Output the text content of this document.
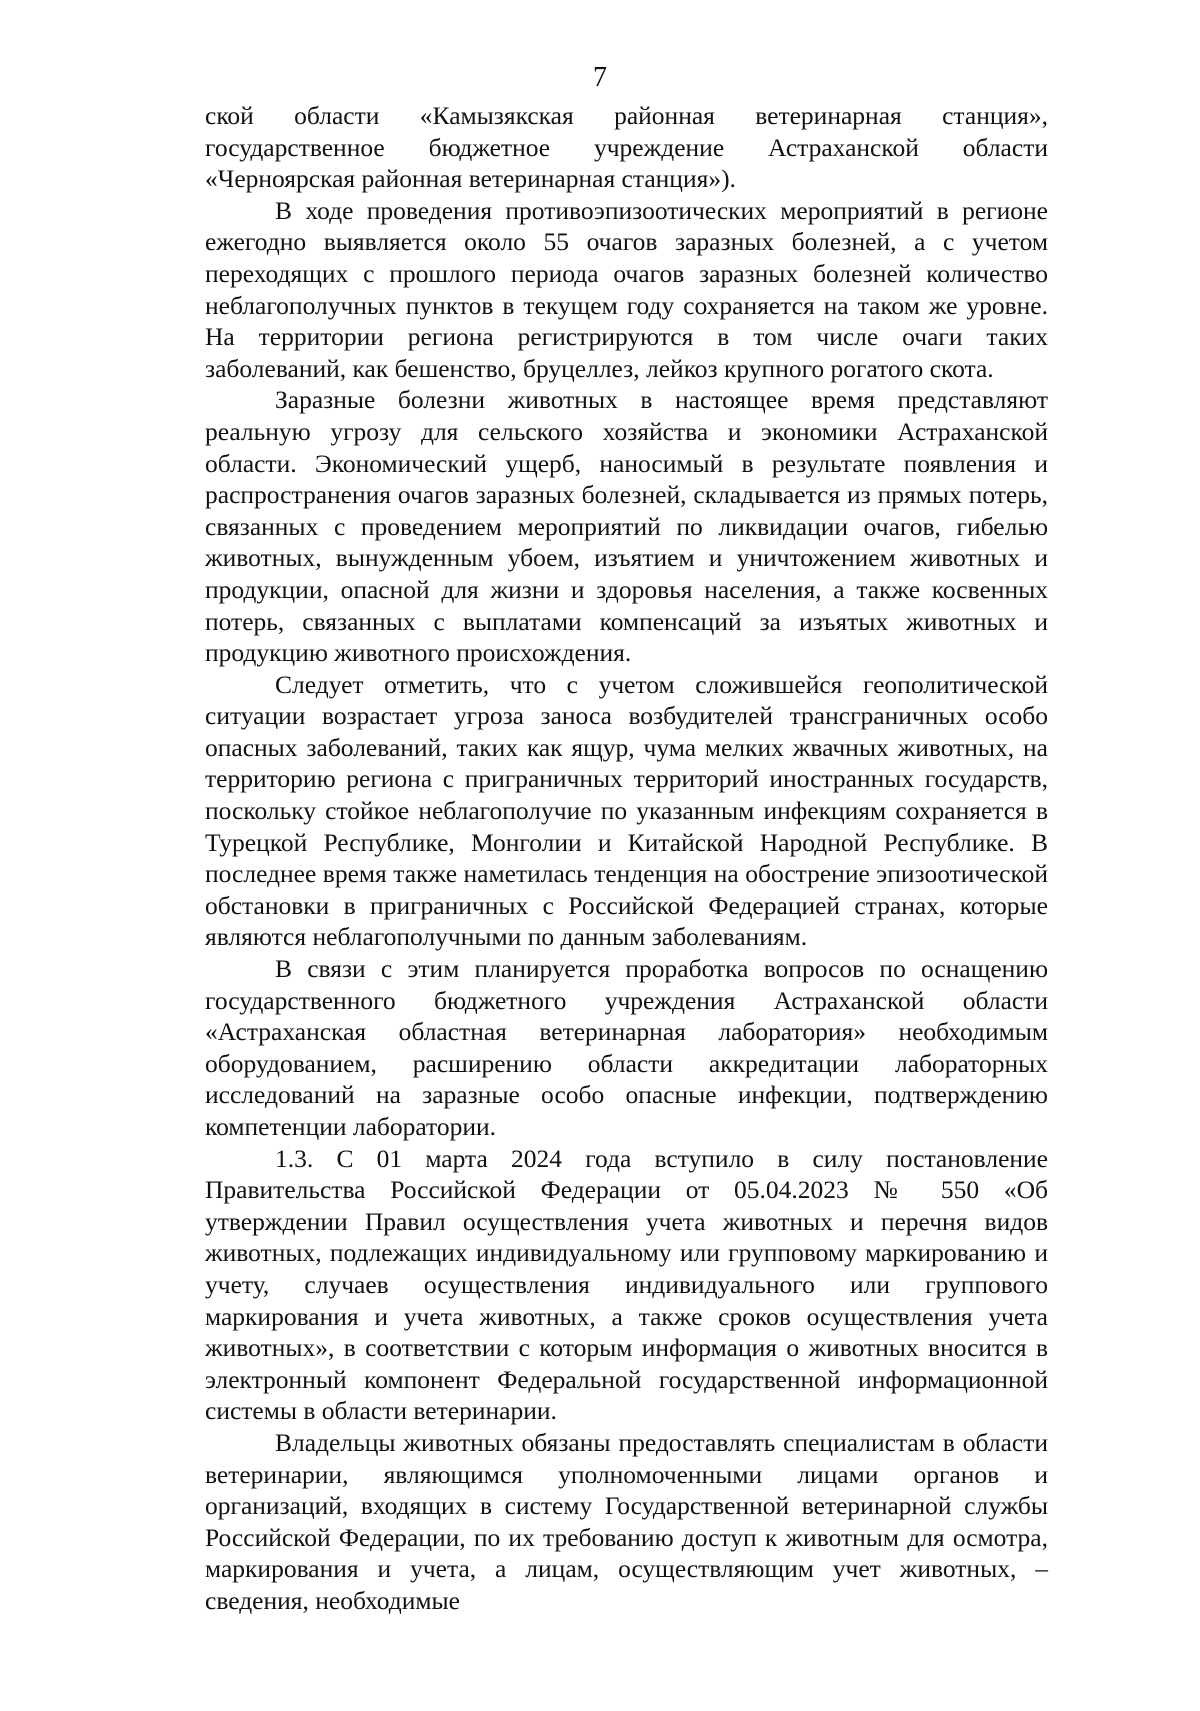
7

ской области «Камызякская районная ветеринарная станция», государственное бюджетное учреждение Астраханской области «Черноярская районная ветеринарная станция»).

В ходе проведения противоэпизоотических мероприятий в регионе ежегодно выявляется около 55 очагов заразных болезней, а с учетом переходящих с прошлого периода очагов заразных болезней количество неблагополучных пунктов в текущем году сохраняется на таком же уровне. На территории региона регистрируются в том числе очаги таких заболеваний, как бешенство, бруцеллез, лейкоз крупного рогатого скота.

Заразные болезни животных в настоящее время представляют реальную угрозу для сельского хозяйства и экономики Астраханской области. Экономический ущерб, наносимый в результате появления и распространения очагов заразных болезней, складывается из прямых потерь, связанных с проведением мероприятий по ликвидации очагов, гибелью животных, вынужденным убоем, изъятием и уничтожением животных и продукции, опасной для жизни и здоровья населения, а также косвенных потерь, связанных с выплатами компенсаций за изъятых животных и продукцию животного происхождения.

Следует отметить, что с учетом сложившейся геополитической ситуации возрастает угроза заноса возбудителей трансграничных особо опасных заболеваний, таких как ящур, чума мелких жвачных животных, на территорию региона с приграничных территорий иностранных государств, поскольку стойкое неблагополучие по указанным инфекциям сохраняется в Турецкой Республике, Монголии и Китайской Народной Республике. В последнее время также наметилась тенденция на обострение эпизоотической обстановки в приграничных с Российской Федерацией странах, которые являются неблагополучными по данным заболеваниям.

В связи с этим планируется проработка вопросов по оснащению государственного бюджетного учреждения Астраханской области «Астраханская областная ветеринарная лаборатория» необходимым оборудованием, расширению области аккредитации лабораторных исследований на заразные особо опасные инфекции, подтверждению компетенции лаборатории.

1.3. С 01 марта 2024 года вступило в силу постановление Правительства Российской Федерации от 05.04.2023 № 550 «Об утверждении Правил осуществления учета животных и перечня видов животных, подлежащих индивидуальному или групповому маркированию и учету, случаев осуществления индивидуального или группового маркирования и учета животных, а также сроков осуществления учета животных», в соответствии с которым информация о животных вносится в электронный компонент Федеральной государственной информационной системы в области ветеринарии.

Владельцы животных обязаны предоставлять специалистам в области ветеринарии, являющимся уполномоченными лицами органов и организаций, входящих в систему Государственной ветеринарной службы Российской Федерации, по их требованию доступ к животным для осмотра, маркирования и учета, а лицам, осуществляющим учет животных, – сведения, необходимые
